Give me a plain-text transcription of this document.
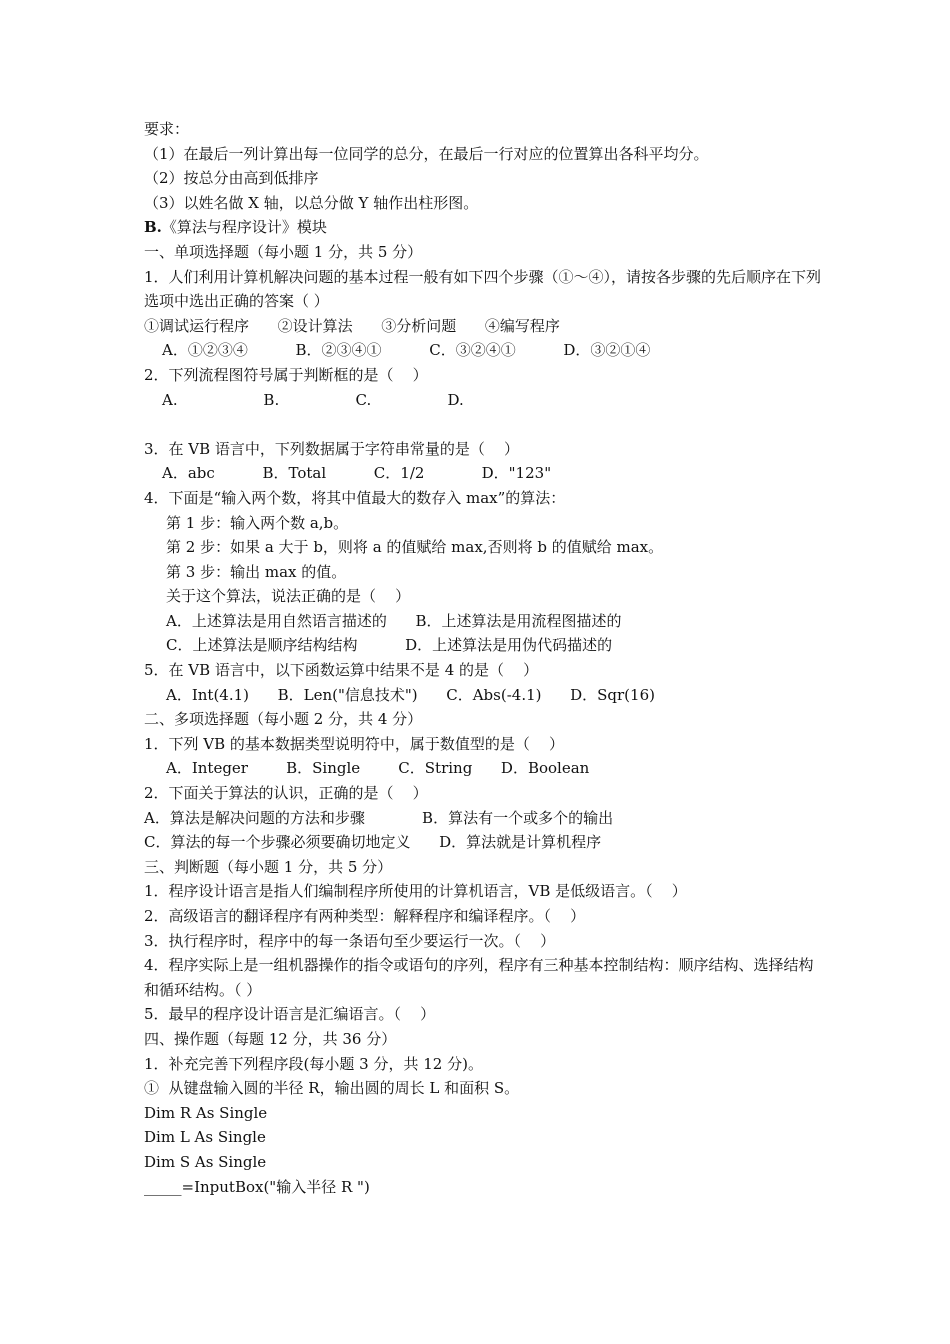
要求：

（1）在最后一列计算出每一位同学的总分，在最后一行对应的位置算出各科平均分。

（2）按总分由高到低排序

（3）以姓名做 X 轴，以总分做 Y 轴作出柱形图。

B.《算法与程序设计》模块

一、单项选择题（每小题 1 分，共 5 分）

1．人们利用计算机解决问题的基本过程一般有如下四个步骤（①～④），请按各步骤的先后顺序在下列选项中选出正确的答案（ ）

①调试运行程序      ②设计算法      ③分析问题      ④编写程序

A．①②③④          B．②③④①          C．③②④①          D．③②①④

2．下列流程图符号属于判断框的是（    ）

A.                  B.                C.                D.

3．在 VB 语言中，下列数据属于字符串常量的是（    ）

A．abc          B．Total          C．1/2            D．"123"

4．下面是“输入两个数，将其中值最大的数存入 max”的算法：

第 1 步：输入两个数 a,b。

第 2 步：如果 a 大于 b，则将 a 的值赋给 max,否则将 b 的值赋给 max。

第 3 步：输出 max 的值。

关于这个算法，说法正确的是（    ）

A．上述算法是用自然语言描述的      B．上述算法是用流程图描述的

C．上述算法是顺序结构结构          D．上述算法是用伪代码描述的

5．在 VB 语言中，以下函数运算中结果不是 4 的是（    ）

A．Int(4.1)      B．Len("信息技术")      C．Abs(-4.1)      D．Sqr(16)

二、多项选择题（每小题 2 分，共 4 分）

1．下列 VB 的基本数据类型说明符中，属于数值型的是（    ）

A．Integer        B．Single        C．String      D．Boolean

2．下面关于算法的认识，正确的是（    ）

A．算法是解决问题的方法和步骤            B．算法有一个或多个的输出

C．算法的每一个步骤必须要确切地定义      D．算法就是计算机程序

三、判断题（每小题 1 分，共 5 分）

1．程序设计语言是指人们编制程序所使用的计算机语言，VB 是低级语言。（    ）

2．高级语言的翻译程序有两种类型：解释程序和编译程序。（    ）

3．执行程序时，程序中的每一条语句至少要运行一次。（    ）

4．程序实际上是一组机器操作的指令或语句的序列，程序有三种基本控制结构：顺序结构、选择结构和循环结构。（ ）

5．最早的程序设计语言是汇编语言。（    ）

四、操作题（每题 12 分，共 36 分）

1．补充完善下列程序段(每小题 3 分，共 12 分)。

①  从键盘输入圆的半径 R，输出圆的周长 L 和面积 S。

Dim R As Single

Dim L As Single

Dim S As Single

_____=InputBox("输入半径 R ")
